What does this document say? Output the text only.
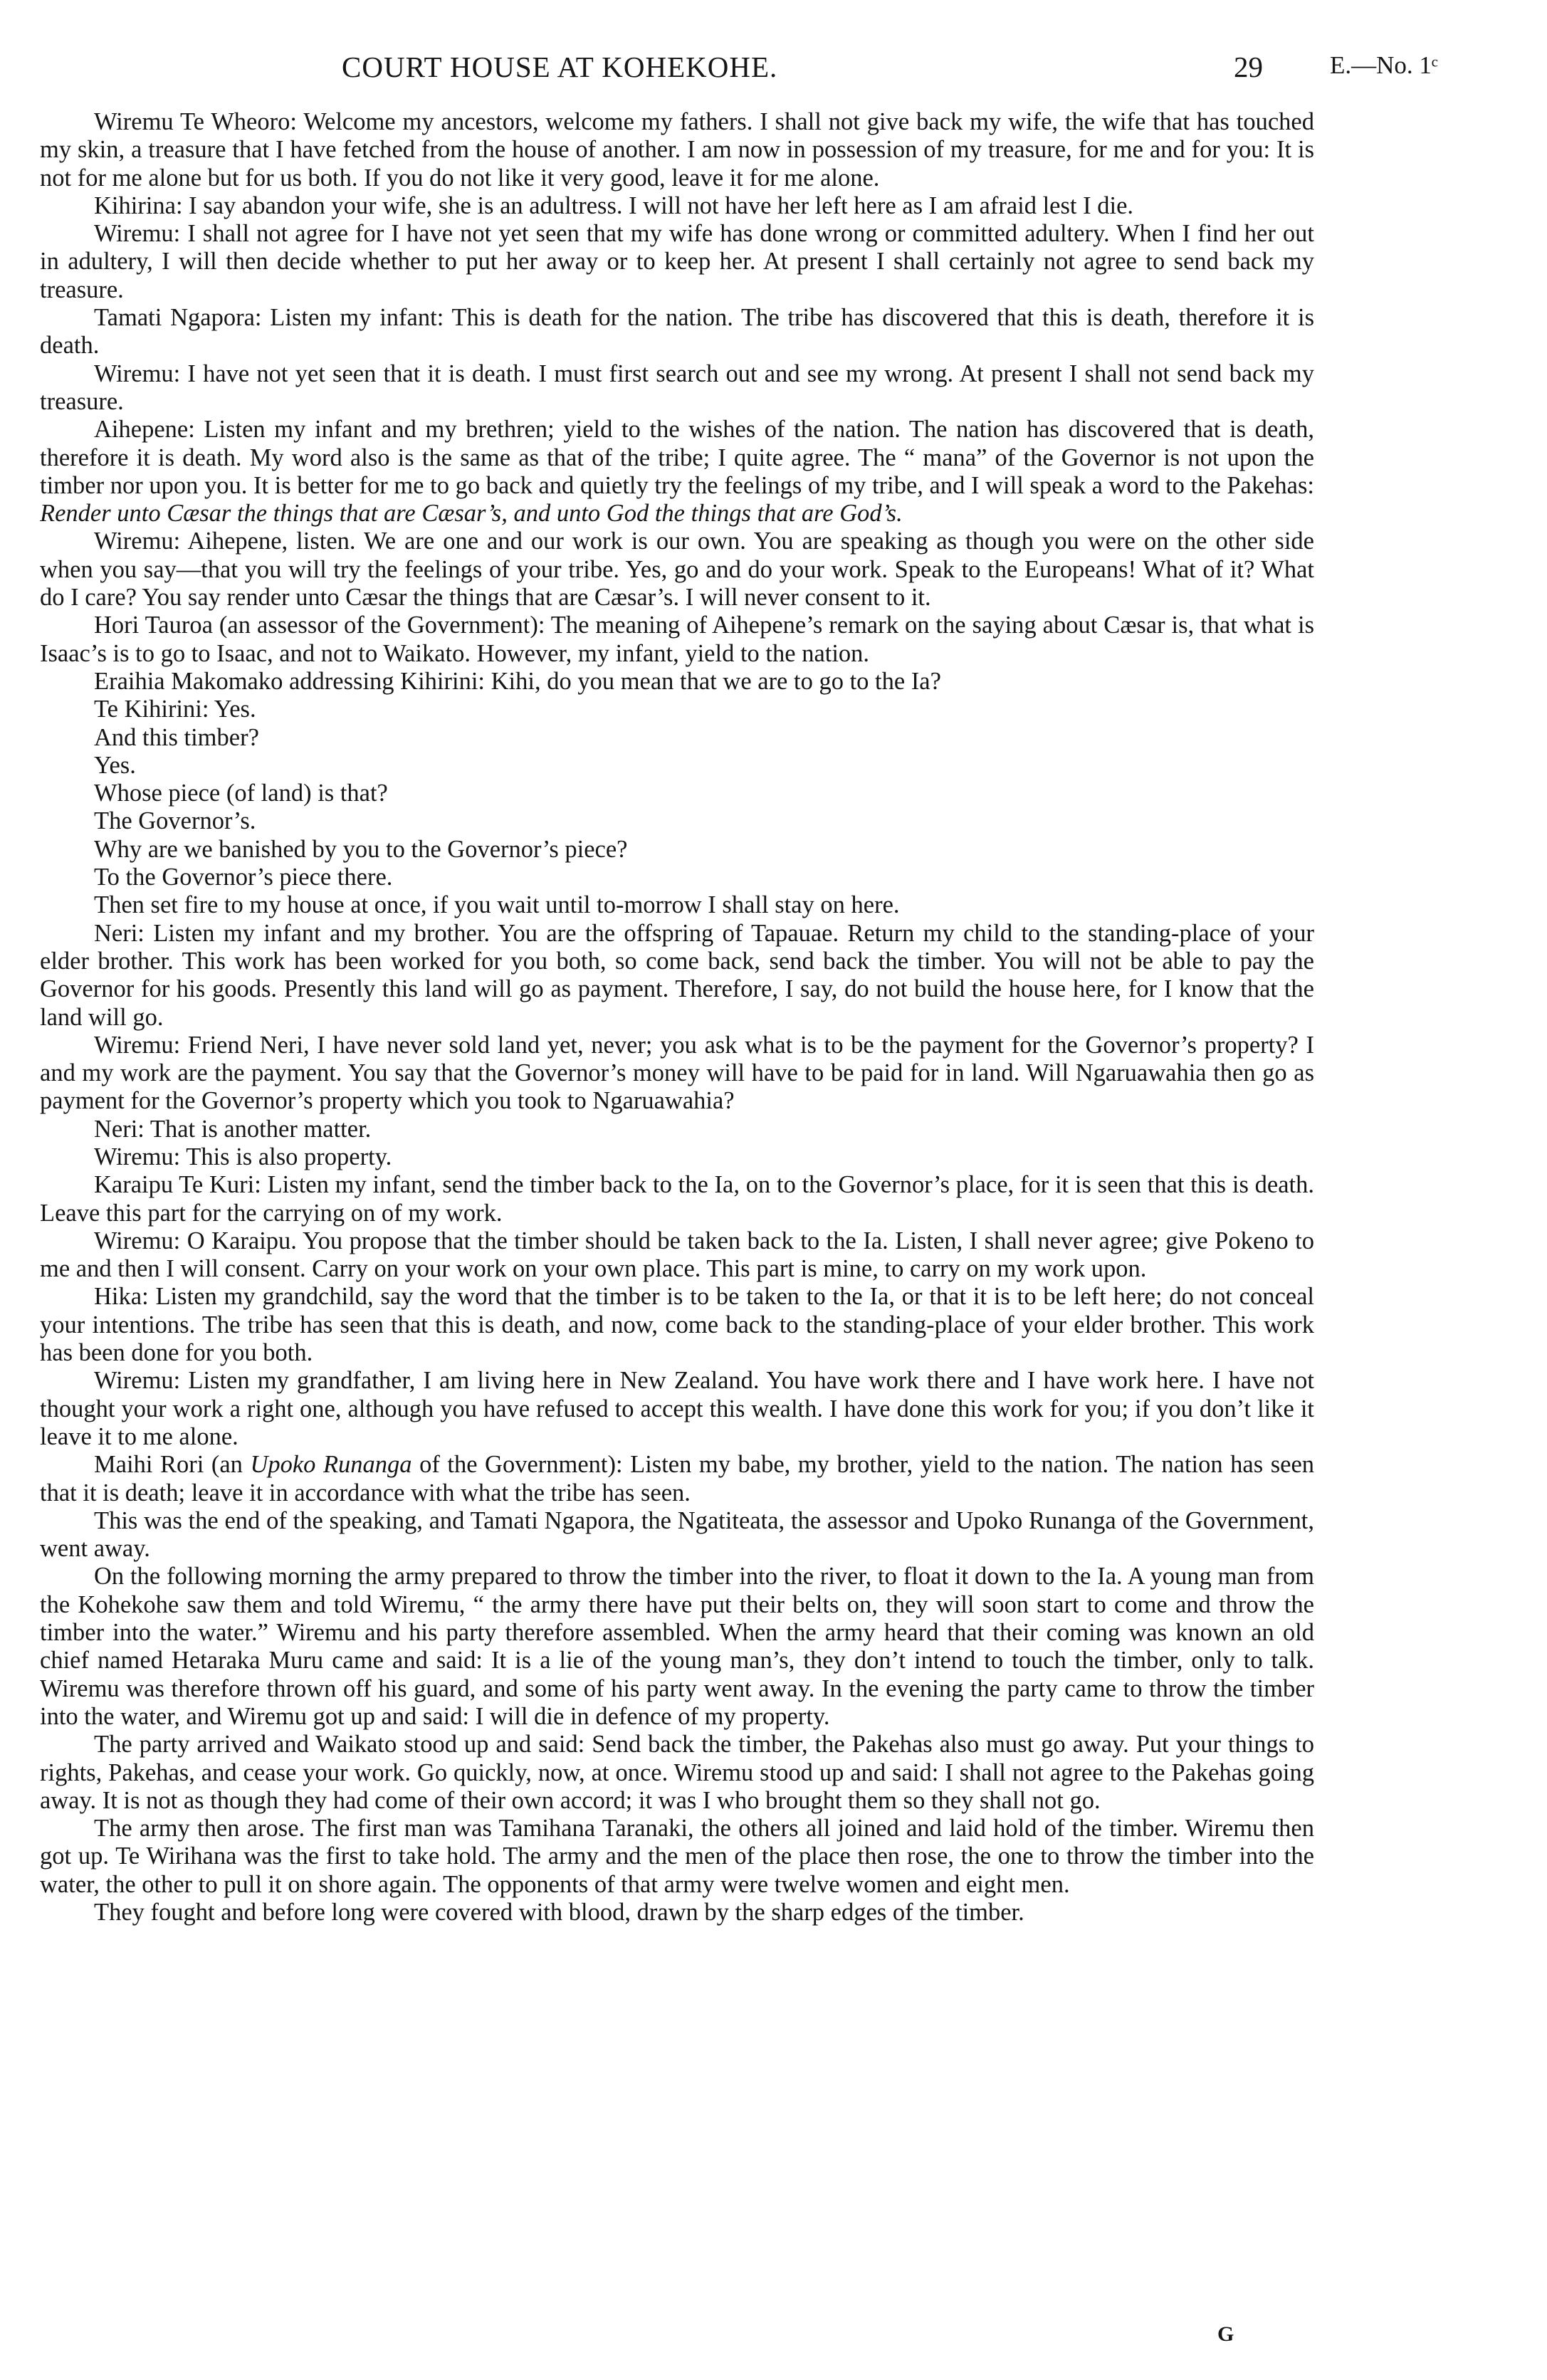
COURT HOUSE AT KOHEKOHE.	29	E.—No. 1ᶜ

Wiremu Te Wheoro: Welcome my ancestors, welcome my fathers. I shall not give back my wife, the wife that has touched my skin, a treasure that I have fetched from the house of another. I am now in possession of my treasure, for me and for you: It is not for me alone but for us both. If you do not like it very good, leave it for me alone.

Kihirina: I say abandon your wife, she is an adultress. I will not have her left here as I am afraid lest I die.

Wiremu: I shall not agree for I have not yet seen that my wife has done wrong or committed adultery. When I find her out in adultery, I will then decide whether to put her away or to keep her. At present I shall certainly not agree to send back my treasure.

Tamati Ngapora: Listen my infant: This is death for the nation. The tribe has discovered that this is death, therefore it is death.

Wiremu: I have not yet seen that it is death. I must first search out and see my wrong. At present I shall not send back my treasure.

Aihepene: Listen my infant and my brethren; yield to the wishes of the nation. The nation has discovered that is death, therefore it is death. My word also is the same as that of the tribe; I quite agree. The “ mana” of the Governor is not upon the timber nor upon you. It is better for me to go back and quietly try the feelings of my tribe, and I will speak a word to the Pakehas: Render unto Cæsar the things that are Cæsar’s, and unto God the things that are God’s.

Wiremu: Aihepene, listen. We are one and our work is our own. You are speaking as though you were on the other side when you say—that you will try the feelings of your tribe. Yes, go and do your work. Speak to the Europeans! What of it? What do I care? You say render unto Cæsar the things that are Cæsar’s. I will never consent to it.

Hori Tauroa (an assessor of the Government): The meaning of Aihepene’s remark on the saying about Cæsar is, that what is Isaac’s is to go to Isaac, and not to Waikato. However, my infant, yield to the nation.

Eraihia Makomako addressing Kihirini: Kihi, do you mean that we are to go to the Ia?

Te Kihirini: Yes.

And this timber?

Yes.

Whose piece (of land) is that?

The Governor’s.

Why are we banished by you to the Governor’s piece?

To the Governor’s piece there.

Then set fire to my house at once, if you wait until to-morrow I shall stay on here.

Neri: Listen my infant and my brother. You are the offspring of Tapauae. Return my child to the standing-place of your elder brother. This work has been worked for you both, so come back, send back the timber. You will not be able to pay the Governor for his goods. Presently this land will go as payment. Therefore, I say, do not build the house here, for I know that the land will go.

Wiremu: Friend Neri, I have never sold land yet, never; you ask what is to be the payment for the Governor’s property? I and my work are the payment. You say that the Governor’s money will have to be paid for in land. Will Ngaruawahia then go as payment for the Governor’s property which you took to Ngaruawahia?

Neri: That is another matter.

Wiremu: This is also property.

Karaipu Te Kuri: Listen my infant, send the timber back to the Ia, on to the Governor’s place, for it is seen that this is death. Leave this part for the carrying on of my work.

Wiremu: O Karaipu. You propose that the timber should be taken back to the Ia. Listen, I shall never agree; give Pokeno to me and then I will consent. Carry on your work on your own place. This part is mine, to carry on my work upon.

Hika: Listen my grandchild, say the word that the timber is to be taken to the Ia, or that it is to be left here; do not conceal your intentions. The tribe has seen that this is death, and now, come back to the standing-place of your elder brother. This work has been done for you both.

Wiremu: Listen my grandfather, I am living here in New Zealand. You have work there and I have work here. I have not thought your work a right one, although you have refused to accept this wealth. I have done this work for you; if you don’t like it leave it to me alone.

Maihi Rori (an Upoko Runanga of the Government): Listen my babe, my brother, yield to the nation. The nation has seen that it is death; leave it in accordance with what the tribe has seen.

This was the end of the speaking, and Tamati Ngapora, the Ngatiteata, the assessor and Upoko Runanga of the Government, went away.

On the following morning the army prepared to throw the timber into the river, to float it down to the Ia. A young man from the Kohekohe saw them and told Wiremu, “ the army there have put their belts on, they will soon start to come and throw the timber into the water.” Wiremu and his party therefore assembled. When the army heard that their coming was known an old chief named Hetaraka Muru came and said: It is a lie of the young man’s, they don’t intend to touch the timber, only to talk. Wiremu was therefore thrown off his guard, and some of his party went away. In the evening the party came to throw the timber into the water, and Wiremu got up and said: I will die in defence of my property.

The party arrived and Waikato stood up and said: Send back the timber, the Pakehas also must go away. Put your things to rights, Pakehas, and cease your work. Go quickly, now, at once. Wiremu stood up and said: I shall not agree to the Pakehas going away. It is not as though they had come of their own accord; it was I who brought them so they shall not go.

The army then arose. The first man was Tamihana Taranaki, the others all joined and laid hold of the timber. Wiremu then got up. Te Wirihana was the first to take hold. The army and the men of the place then rose, the one to throw the timber into the water, the other to pull it on shore again. The opponents of that army were twelve women and eight men.

They fought and before long were covered with blood, drawn by the sharp edges of the timber.

G
